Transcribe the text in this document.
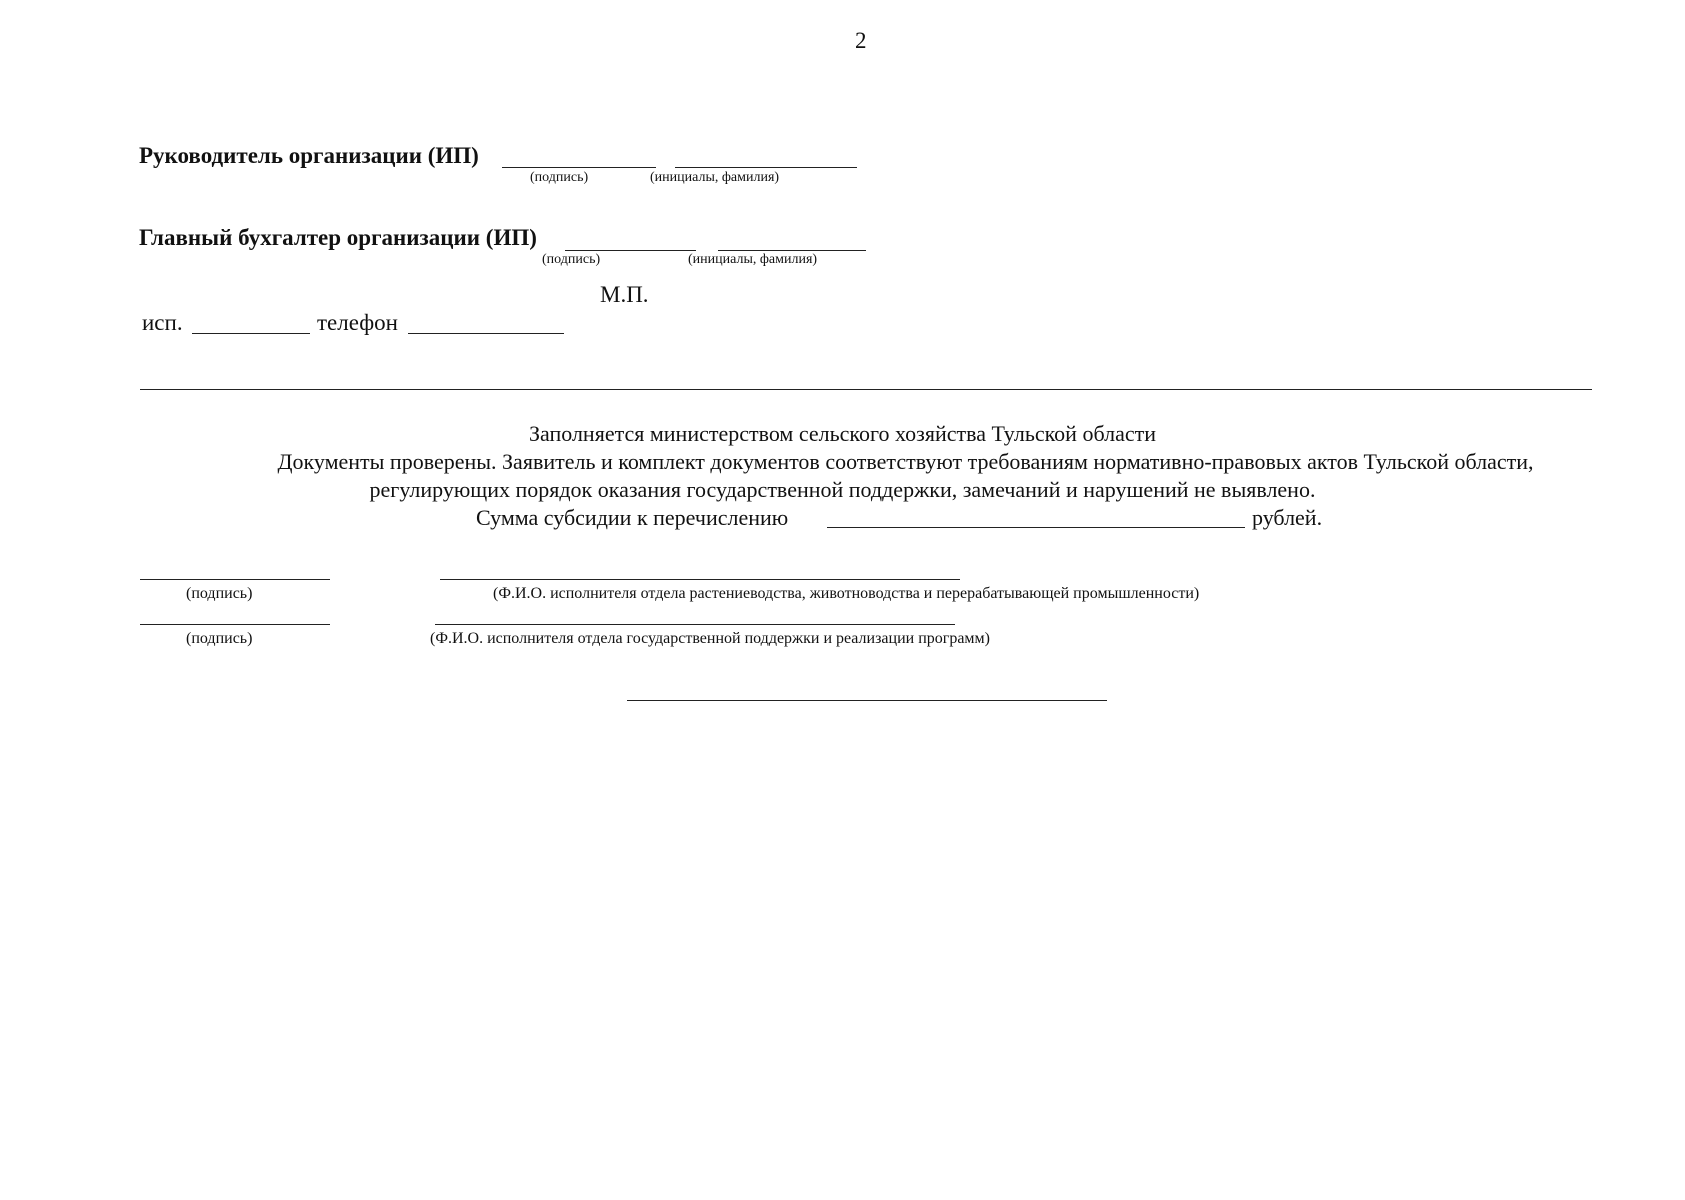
2
Руководитель организации (ИП)
(подпись)	(инициалы, фамилия)
Главный бухгалтер организации (ИП)
(подпись)	(инициалы, фамилия)
М.П.
исп.	телефон
Заполняется министерством сельского хозяйства Тульской области
Документы проверены. Заявитель и комплект документов соответствуют требованиям нормативно-правовых актов Тульской области,
регулирующих порядок оказания государственной поддержки, замечаний и нарушений не выявлено.
Сумма субсидии к перечислению	рублей.
(подпись)	(Ф.И.О. исполнителя отдела растениеводства, животноводства и перерабатывающей промышленности)
(подпись)	(Ф.И.О. исполнителя отдела государственной поддержки и реализации программ)
